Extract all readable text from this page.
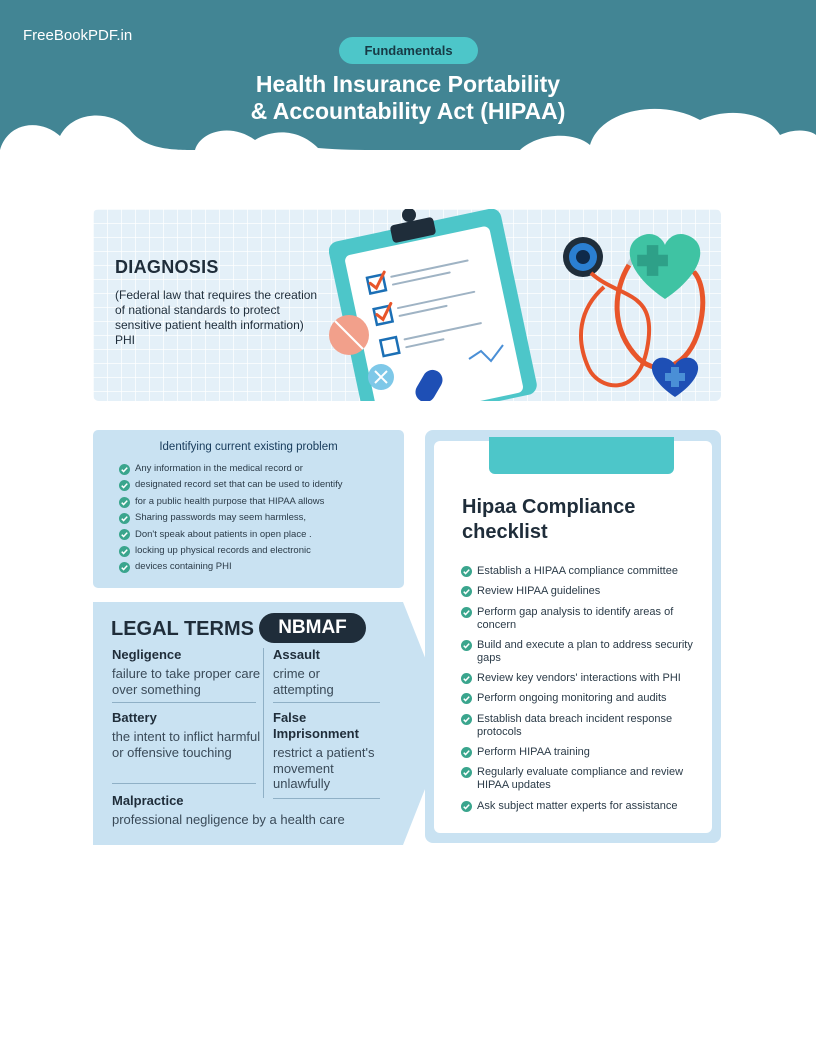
FreeBookPDF.in
Fundamentals
Health Insurance Portability
& Accountability Act (HIPAA)
DIAGNOSIS
(Federal law that requires the creation of national standards to protect sensitive patient health information) PHI
Identifying current existing problem
Any information in the medical record or
designated record set that can be used to identify
for a public health purpose that HIPAA allows
Sharing passwords may seem harmless,
Don't speak about patients in open place .
locking up physical records and electronic
devices containing PHI
LEGAL TERMS	NBMAF
Negligence
failure to take proper care over something
Assault
crime or attempting
Battery
the intent to inflict harmful or offensive touching
False Imprisonment
restrict a patient's movement unlawfully
Malpractice
professional negligence by a health care
Hipaa Compliance checklist
Establish a HIPAA compliance committee
Review HIPAA guidelines
Perform gap analysis to identify areas of concern
Build and execute a plan to address security gaps
Review key vendors' interactions with PHI
Perform ongoing monitoring and audits
Establish data breach incident response protocols
Perform HIPAA training
Regularly evaluate compliance and review HIPAA updates
Ask subject matter experts for assistance
